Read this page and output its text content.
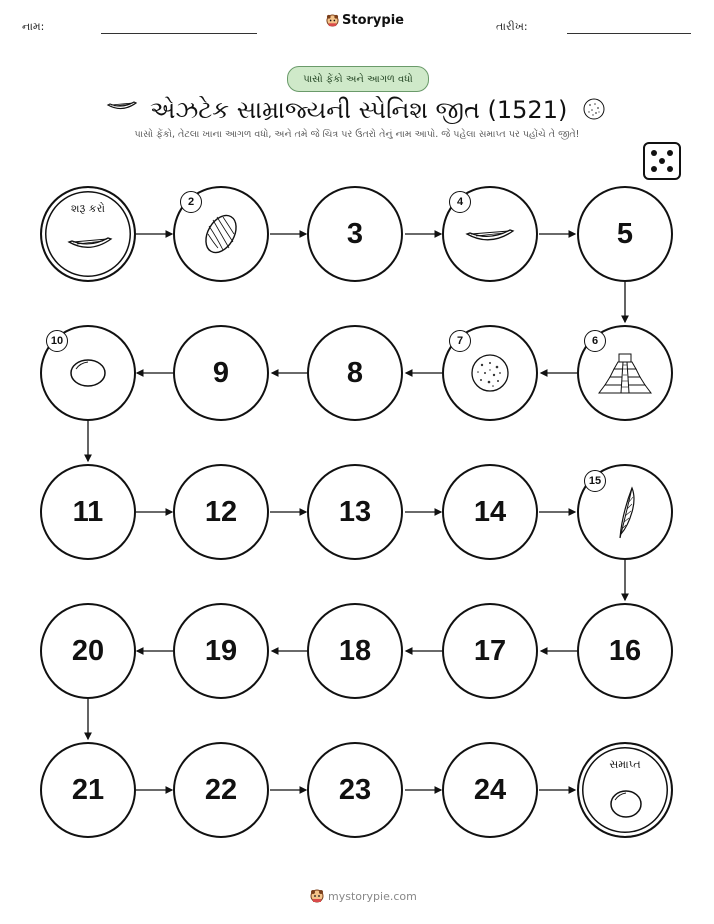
નામ:	Storypie	તારીખ:
પાસો ફેંકો અને આગળ વધો
એઝટેક સામ્રાજ્યની સ્પેનિશ જીત (1521)
પાસો ફેંકો, તેટલા ખાના આગળ વધો, અને તમે જે ચિત્ર પર ઉતરો તેનું નામ આપો. જે પહેલા સમાપ્ત પર પહોંચે તે જીતે!
શરૂ કરો	2
3
4
5
6
7
8
9
10
11	12	13	14
15
16
17
18
19
20
21	22	23	24
સમાપ્ત
mystorypie.com
